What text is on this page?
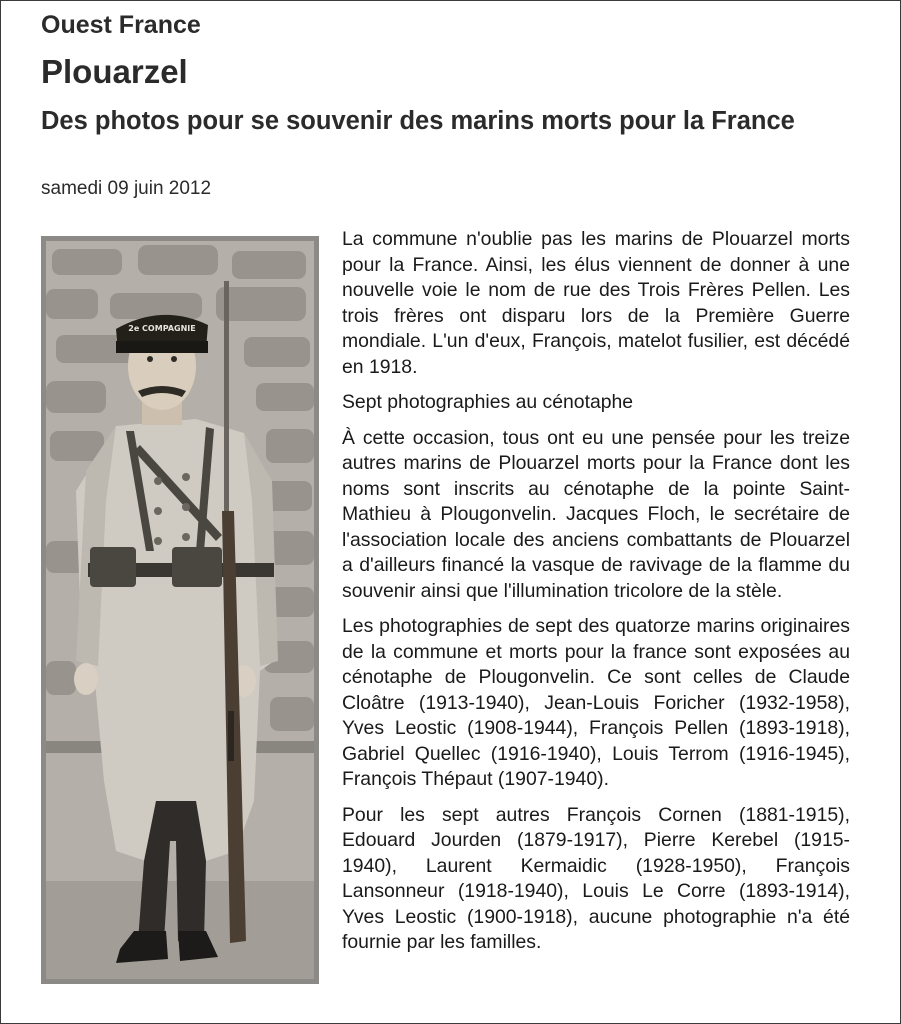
Ouest France
Plouarzel
Des photos pour se souvenir des marins morts pour la France
samedi 09 juin 2012
2e COMPAGNIE

La commune n'oublie pas les marins de Plouarzel morts pour la France. Ainsi, les élus viennent de donner à une nouvelle voie le nom de rue des Trois Frères Pellen. Les trois frères ont disparu lors de la Première Guerre mondiale. L'un d'eux, François, matelot fusilier, est décédé en 1918.

Sept photographies au cénotaphe

À cette occasion, tous ont eu une pensée pour les treize autres marins de Plouarzel morts pour la France dont les noms sont inscrits au cénotaphe de la pointe Saint-Mathieu à Plougonvelin. Jacques Floch, le secrétaire de l'association locale des anciens combattants de Plouarzel a d'ailleurs financé la vasque de ravivage de la flamme du souvenir ainsi que l'illumination tricolore de la stèle.

Les photographies de sept des quatorze marins originaires de la commune et morts pour la france sont exposées au cénotaphe de Plougonvelin. Ce sont celles de Claude Cloâtre (1913-1940), Jean-Louis Foricher (1932-1958), Yves Leostic (1908-1944), François Pellen (1893-1918), Gabriel Quellec (1916-1940), Louis Terrom (1916-1945), François Thépaut (1907-1940).

Pour les sept autres François Cornen (1881-1915), Edouard Jourden (1879-1917), Pierre Kerebel (1915-1940), Laurent Kermaidic (1928-1950), François Lansonneur (1918-1940), Louis Le Corre (1893-1914), Yves Leostic (1900-1918), aucune photographie n'a été fournie par les familles.
